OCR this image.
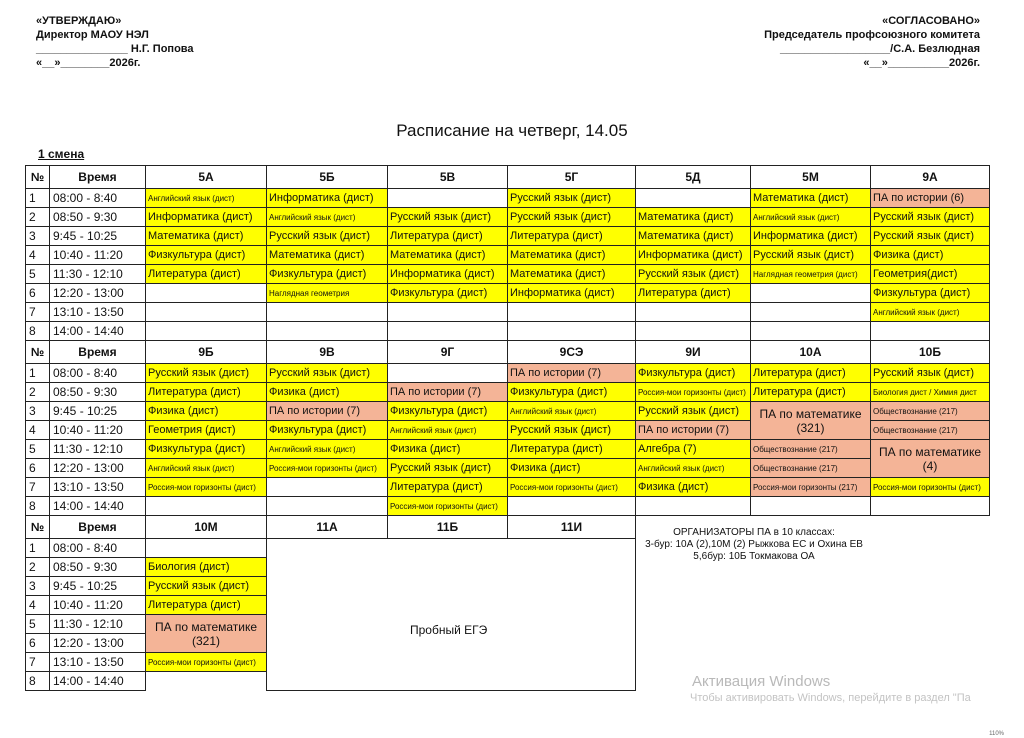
«УТВЕРЖДАЮ»
Директор МАОУ НЭЛ
_______________ Н.Г. Попова
«__»________2026г.
«СОГЛАСОВАНО»
Председатель профсоюзного комитета
__________________/С.А. Безлюдная
«__»__________2026г.
Расписание на четверг, 14.05
1 смена
№	Время	5А	5Б	5В	5Г	5Д	5М	9А
1	08:00 - 8:40	Английский язык (дист)	Информатика (дист)		Русский язык (дист)		Математика (дист)	ПА по истории (6)
2	08:50 - 9:30	Информатика (дист)	Английский язык (дист)	Русский язык (дист)	Русский язык (дист)	Математика (дист)	Английский язык (дист)	Русский язык (дист)
3	9:45 - 10:25	Математика (дист)	Русский язык (дист)	Литература (дист)	Литература (дист)	Математика (дист)	Информатика (дист)	Русский язык (дист)
4	10:40 - 11:20	Физкультура (дист)	Математика (дист)	Математика (дист)	Математика (дист)	Информатика (дист)	Русский язык (дист)	Физика (дист)
5	11:30 - 12:10	Литература (дист)	Физкультура (дист)	Информатика (дист)	Математика (дист)	Русский язык (дист)	Наглядная геометрия (дист)	Геометрия(дист)
6	12:20 - 13:00		Наглядная геометрия	Физкультура (дист)	Информатика (дист)	Литература (дист)		Физкультура (дист)
7	13:10 - 13:50							Английский язык (дист)
8	14:00 - 14:40							
№	Время	9Б	9В	9Г	9СЭ	9И	10А	10Б
1	08:00 - 8:40	Русский язык (дист)	Русский язык (дист)		ПА по истории (7)	Физкультура (дист)	Литература (дист)	Русский язык (дист)
2	08:50 - 9:30	Литература (дист)	Физика (дист)	ПА по истории (7)	Физкультура (дист)	Россия-мои горизонты (дист)	Литература (дист)	Биология дист / Химия дист
3	9:45 - 10:25	Физика (дист)	ПА по истории (7)	Физкультура (дист)	Английский язык (дист)	Русский язык (дист)	ПА по математике (321)	Обществознание (217)
4	10:40 - 11:20	Геометрия (дист)	Физкультура (дист)	Английский язык (дист)	Русский язык (дист)	ПА по истории (7)		Обществознание (217)
5	11:30 - 12:10	Физкультура (дист)	Английский язык (дист)	Физика (дист)	Литература (дист)	Алгебра (7)	Обществознание (217)	ПА по математике (4)
6	12:20 - 13:00	Английский язык (дист)	Россия-мои горизонты (дист)	Русский язык (дист)	Физика (дист)	Английский язык (дист)	Обществознание (217)	
7	13:10 - 13:50	Россия-мои горизонты (дист)		Литература (дист)	Россия-мои горизонты (дист)	Физика (дист)	Россия-мои горизонты (217)	Россия-мои горизонты (дист)
8	14:00 - 14:40			Россия-мои горизонты (дист)				
№	Время	10М	11А	11Б	11И			
1	08:00 - 8:40							
2	08:50 - 9:30	Биология (дист)						
3	9:45 - 10:25	Русский язык (дист)						
4	10:40 - 11:20	Литература (дист)						
5	11:30 - 12:10	ПА по математике (321)						
6	12:20 - 13:00							
7	13:10 - 13:50	Россия-мои горизонты (дист)						
8	14:00 - 14:40							
ОРГАНИЗАТОРЫ ПА в 10 классах:
3-бур: 10А (2),10М (2) Рыжкова ЕС и Охина ЕВ
5,6бур: 10Б Токмакова ОА
Пробный ЕГЭ
Активация Windows
Чтобы активировать Windows, перейдите в раздел "Па
110%
